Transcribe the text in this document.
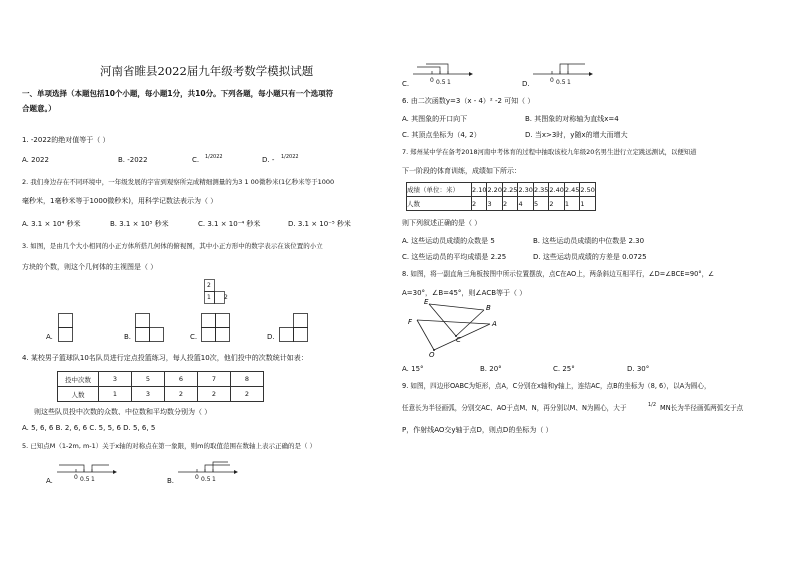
河南省睢县2022届九年级考数学模拟试题
一、单项选择（本题包括10个小题，每小题1分，共10分。下列各题，每小题只有一个选项符
合题意。）
1. -2022的绝对值等于（ ）
A. 2022	B. -2022	C. 1/2022	D. - 1/2022
2. 我们身边存在不同环境中，一年级发展的宇宙到观察所完成精细测量的为3 1 00微秒米(1亿秒米等于1000
毫秒米，1毫秒米等于1000微秒米)，用科学记数法表示为（ ）
A. 3.1 × 10⁴ 秒米	B. 3.1 × 10⁵ 秒米	C. 3.1 × 10⁻⁴ 秒米	D. 3.1 × 10⁻⁵ 秒米
3. 如图，是由几个大小相同的小正方体所搭几何体的俯视图，其中小正方形中的数字表示在该位置的小立
方块的个数，则这个几何体的主视图是（ ）
2
1 2
A.	B.	C.	D.
4. 某校男子篮球队10名队员进行定点投篮练习，每人投篮10次，他们投中的次数统计如表：
投中次数	3	5	6	7	8
人数	1	3	2	2	2
则这些队员投中次数的众数、中位数和平均数分别为（ ）
A. 5, 6, 6 B. 2, 6, 6 C. 5, 5, 6 D. 5, 6, 5
5. 已知点M（1-2m, m-1）关于x轴的对称点在第一象限，则m的取值范围在数轴上表示正确的是（ ）
A.	0 0.5 1	B.	0 0.5 1
C.	0 0.5 1	D.	0 0.5 1
6. 由二次函数y=3（x - 4）² -2 可知（ ）
A. 其图象的开口向下	B. 其图象的对称轴为直线x=4
C. 其顶点坐标为（4, 2）	D. 当x>3时，y随x的增大而增大
7. 郑州某中学在备考2018河南中考体育的过程中抽取该校九年级20名男生进行立定跳远测试，以便知道
下一阶段的体育训练，成绩如下所示：
成绩（单位：米）	2.10	2.20	2.25	2.30	2.35	2.40	2.45	2.50
人数	2	3	2	4	5	2	1	1
则下列叙述正确的是（ ）
A. 这些运动员成绩的众数是 5	B. 这些运动员成绩的中位数是 2.30
C. 这些运动员的平均成绩是 2.25	D. 这些运动员成绩的方差是 0.0725
8. 如图，将一副直角三角板按图中所示位置摆放，点C在AO上，两条斜边互相平行，∠D=∠BCE=90°，∠
A=30°，∠B=45°，则∠ACB等于（ ）
E
B
F	A
C
O
A. 15°	B. 20°	C. 25°	D. 30°
9. 如图，四边形OABC为矩形，点A，C分别在x轴和y轴上，连结AC，点B的坐标为（8, 6），以A为圆心，
任意长为半径画弧，分别交AC、AO于点M、N，再分别以M、N为圆心，大于	1/2 MN长为半径画弧两弧交于点
P，作射线AO交y轴于点D，则点D的坐标为（ ）
